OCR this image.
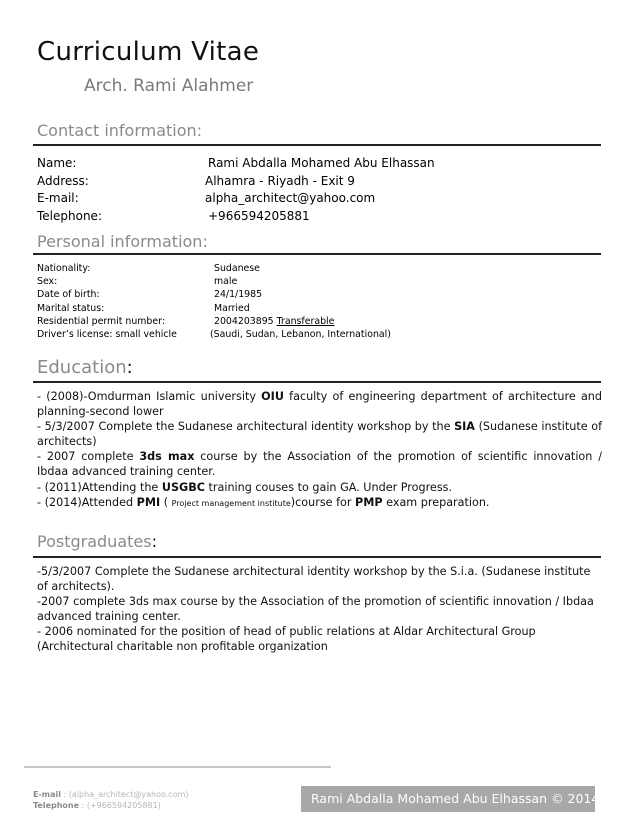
Curriculum Vitae
Arch. Rami Alahmer
Contact information:
Name:	Rami Abdalla Mohamed Abu Elhassan
Address:	Alhamra - Riyadh - Exit 9
E-mail:	alpha_architect@yahoo.com
Telephone:	+966594205881
Personal information:
Nationality:	Sudanese
Sex:	male
Date of birth:	24/1/1985
Marital status:	Married
Residential permit number:	2004203895 Transferable
Driver’s license: small vehicle	(Saudi, Sudan, Lebanon, International)
Education:

- (2008)-Omdurman Islamic university OIU faculty of engineering department of architecture and planning-second lower

- 5/3/2007 Complete the Sudanese architectural identity workshop by the SIA (Sudanese institute of architects)

- 2007 complete 3ds max course by the Association of the promotion of scientific innovation / Ibdaa advanced training center.

- (2011)Attending the USGBC training couses to gain GA. Under Progress.

- (2014)Attended PMI ( Project management institute)course for PMP exam preparation.

Postgraduates:

-5/3/2007 Complete the Sudanese architectural identity workshop by the S.i.a. (Sudanese institute of architects).

-2007 complete 3ds max course by the Association of the promotion of scientific innovation / Ibdaa advanced training center.

- 2006 nominated for the position of head of public relations at Aldar Architectural Group (Architectural charitable non profitable organization

E-mail : (alpha_architect@yahoo.com)
Telephone : (+966594205881)	Rami Abdalla Mohamed Abu Elhassan © 2014
